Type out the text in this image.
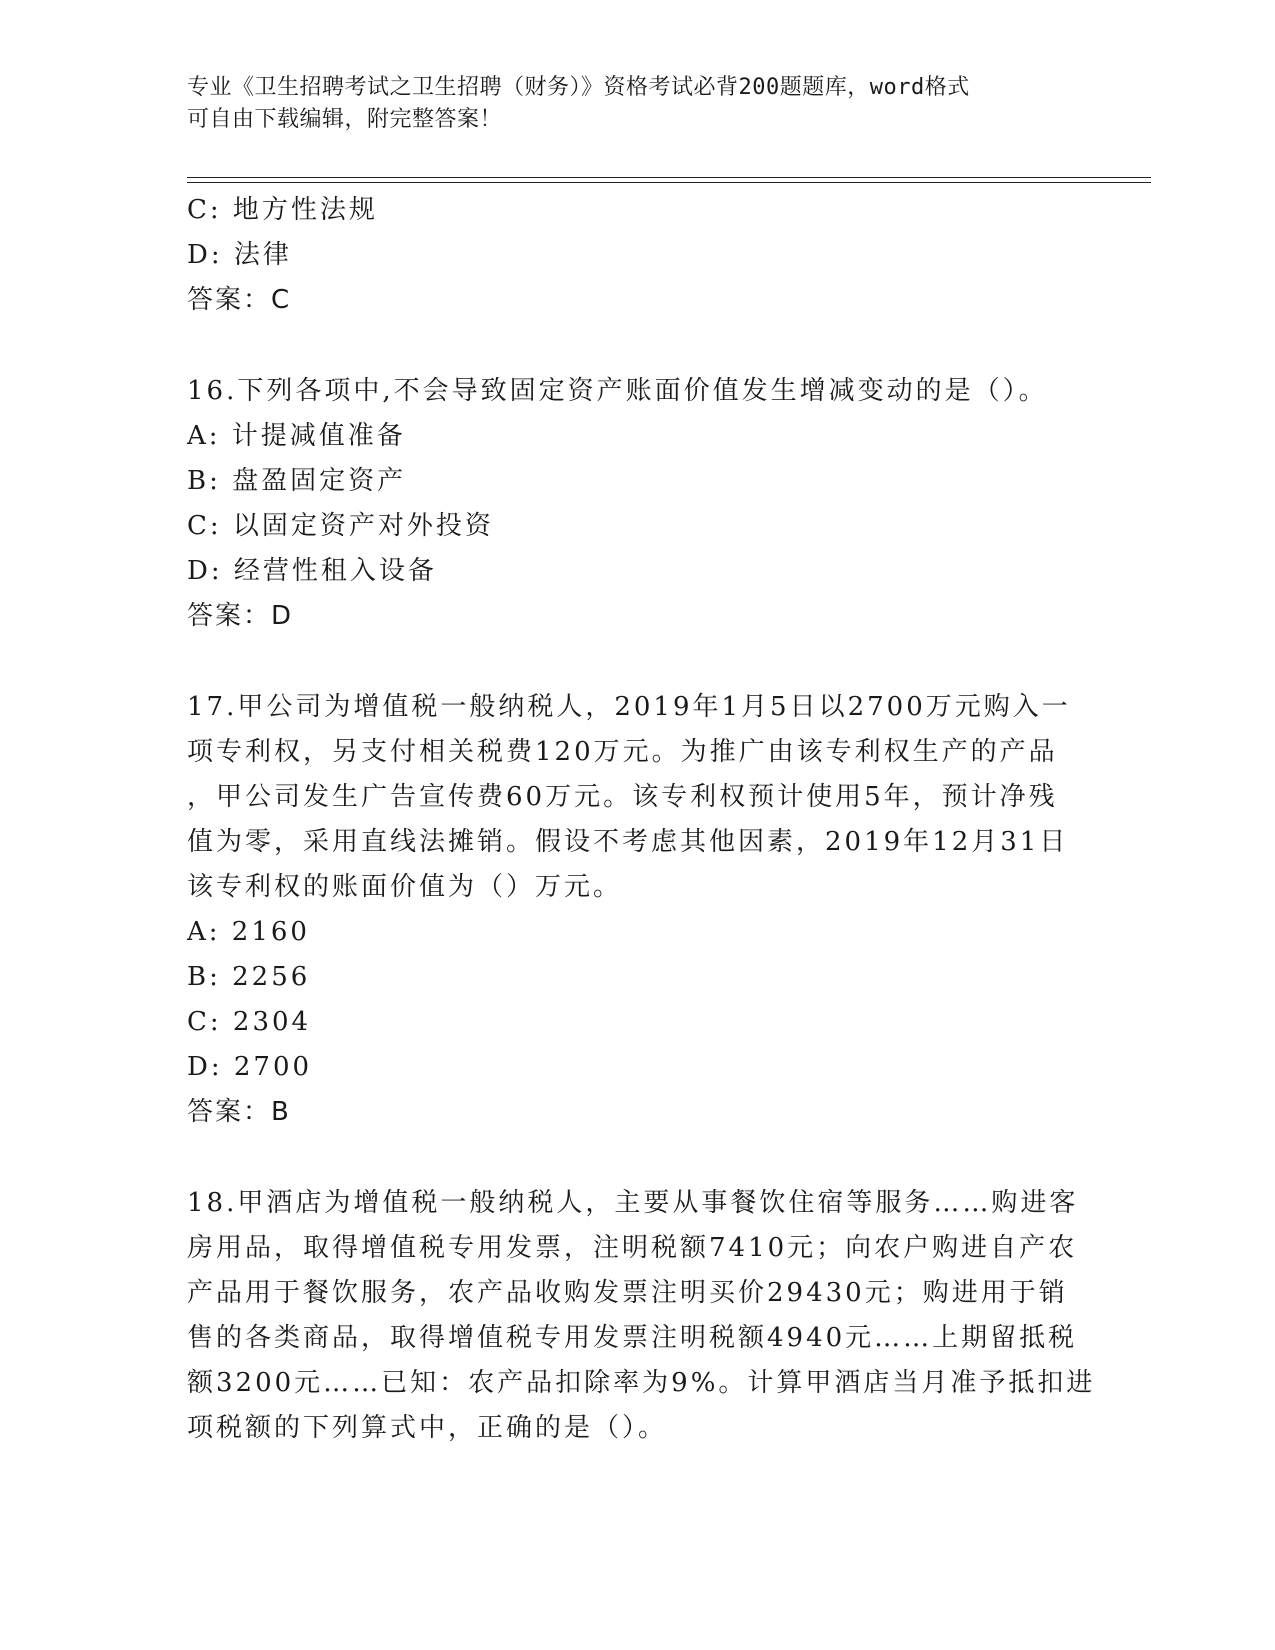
专业《卫生招聘考试之卫生招聘（财务）》资格考试必背200题题库，word格式
可自由下载编辑，附完整答案！
C: 地方性法规
D: 法律
答案：C
16.下列各项中,不会导致固定资产账面价值发生增减变动的是（）。
A: 计提减值准备
B: 盘盈固定资产
C: 以固定资产对外投资
D: 经营性租入设备
答案：D
17.甲公司为增值税一般纳税人，2019年1月5日以2700万元购入一
项专利权，另支付相关税费120万元。为推广由该专利权生产的产品
，甲公司发生广告宣传费60万元。该专利权预计使用5年，预计净残
值为零，采用直线法摊销。假设不考虑其他因素，2019年12月31日
该专利权的账面价值为（）万元。
A: 2160
B: 2256
C: 2304
D: 2700
答案：B
18.甲酒店为增值税一般纳税人，主要从事餐饮住宿等服务……购进客
房用品，取得增值税专用发票，注明税额7410元；向农户购进自产农
产品用于餐饮服务，农产品收购发票注明买价29430元；购进用于销
售的各类商品，取得增值税专用发票注明税额4940元……上期留抵税
额3200元……已知：农产品扣除率为9%。计算甲酒店当月准予抵扣进
项税额的下列算式中，正确的是（）。
